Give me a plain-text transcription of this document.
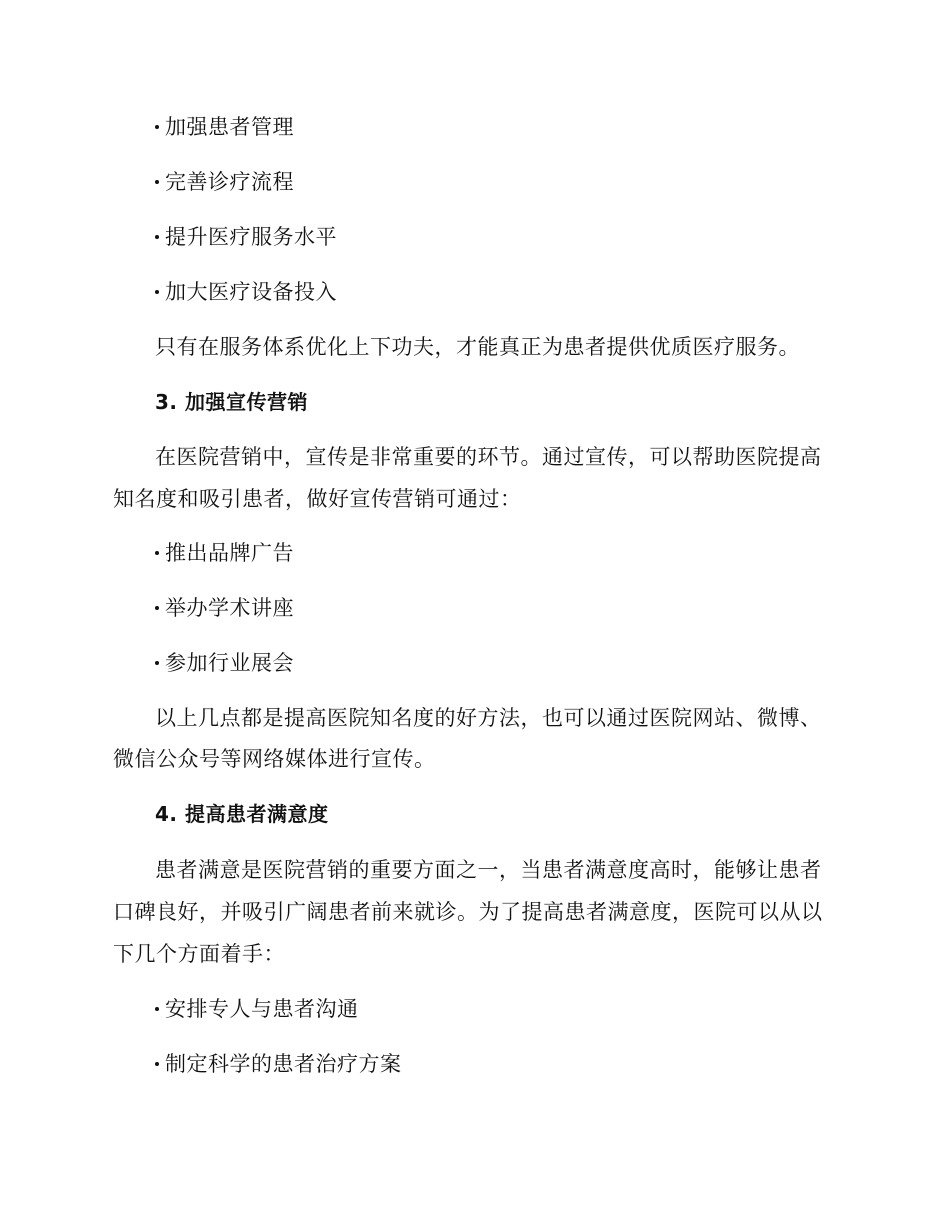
加强患者管理
完善诊疗流程
提升医疗服务水平
加大医疗设备投入
只有在服务体系优化上下功夫，才能真正为患者提供优质医疗服务。
3. 加强宣传营销
在医院营销中，宣传是非常重要的环节。通过宣传，可以帮助医院提高
知名度和吸引患者，做好宣传营销可通过：
推出品牌广告
举办学术讲座
参加行业展会
以上几点都是提高医院知名度的好方法，也可以通过医院网站、微博、
微信公众号等网络媒体进行宣传。
4. 提高患者满意度
患者满意是医院营销的重要方面之一，当患者满意度高时，能够让患者
口碑良好，并吸引广阔患者前来就诊。为了提高患者满意度，医院可以从以
下几个方面着手：
安排专人与患者沟通
制定科学的患者治疗方案
